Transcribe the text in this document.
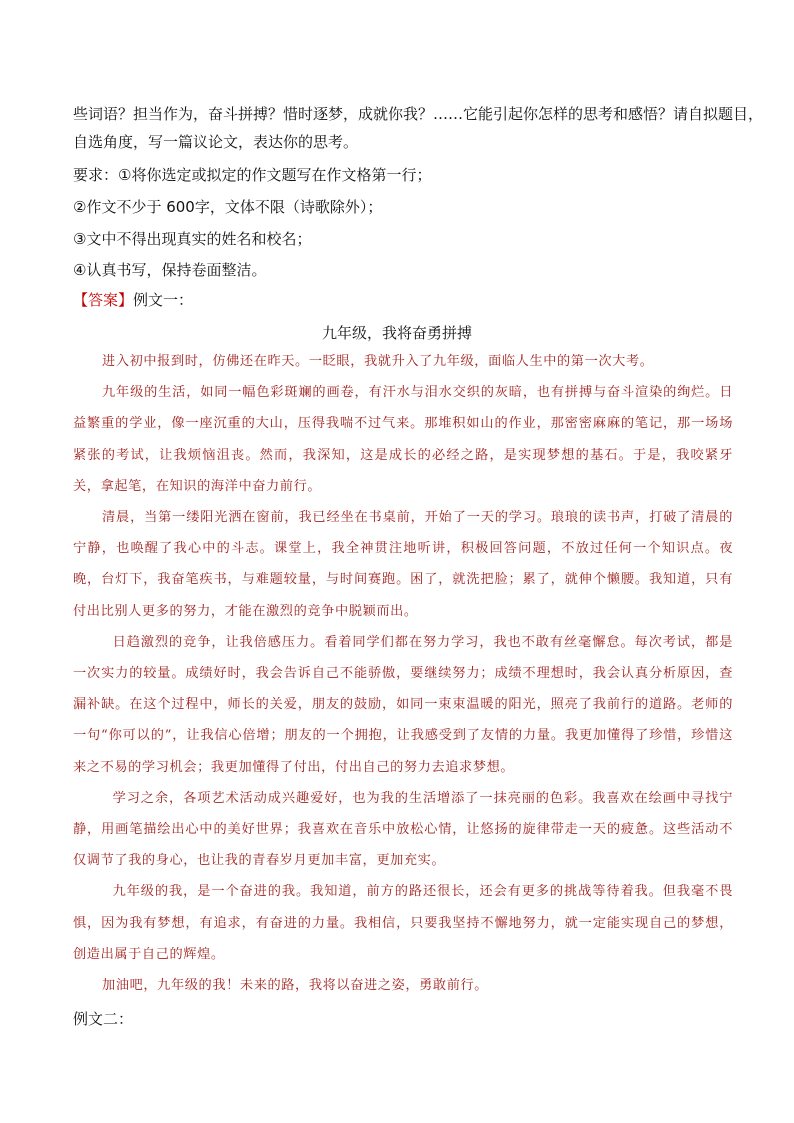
些词语？担当作为，奋斗拼搏？惜时逐梦，成就你我？……它能引起你怎样的思考和感悟？请自拟题目，
自选角度，写一篇议论文，表达你的思考。
要求：①将你选定或拟定的作文题写在作文格第一行；
②作文不少于 600字，文体不限（诗歌除外）；
③文中不得出现真实的姓名和校名；
④认真书写，保持卷面整洁。
【答案】例文一：
九年级，我将奋勇拼搏

进入初中报到时，仿佛还在昨天。一眨眼，我就升入了九年级，面临人生中的第一次大考。

九年级的生活，如同一幅色彩斑斓的画卷，有汗水与泪水交织的灰暗，也有拼搏与奋斗渲染的绚烂。日益繁重的学业，像一座沉重的大山，压得我喘不过气来。那堆积如山的作业，那密密麻麻的笔记，那一场场紧张的考试，让我烦恼沮丧。然而，我深知，这是成长的必经之路，是实现梦想的基石。于是，我咬紧牙关，拿起笔，在知识的海洋中奋力前行。

清晨，当第一缕阳光洒在窗前，我已经坐在书桌前，开始了一天的学习。琅琅的读书声，打破了清晨的宁静，也唤醒了我心中的斗志。课堂上，我全神贯注地听讲，积极回答问题，不放过任何一个知识点。夜晚，台灯下，我奋笔疾书，与难题较量，与时间赛跑。困了，就洗把脸；累了，就伸个懒腰。我知道，只有付出比别人更多的努力，才能在激烈的竞争中脱颖而出。

日趋激烈的竞争，让我倍感压力。看着同学们都在努力学习，我也不敢有丝毫懈怠。每次考试，都是一次实力的较量。成绩好时，我会告诉自己不能骄傲，要继续努力；成绩不理想时，我会认真分析原因，查漏补缺。在这个过程中，师长的关爱，朋友的鼓励，如同一束束温暖的阳光，照亮了我前行的道路。老师的一句“你可以的”，让我信心倍增；朋友的一个拥抱，让我感受到了友情的力量。我更加懂得了珍惜，珍惜这来之不易的学习机会；我更加懂得了付出，付出自己的努力去追求梦想。

学习之余，各项艺术活动成兴趣爱好，也为我的生活增添了一抹亮丽的色彩。我喜欢在绘画中寻找宁静，用画笔描绘出心中的美好世界；我喜欢在音乐中放松心情，让悠扬的旋律带走一天的疲惫。这些活动不仅调节了我的身心，也让我的青春岁月更加丰富，更加充实。

九年级的我，是一个奋进的我。我知道，前方的路还很长，还会有更多的挑战等待着我。但我毫不畏惧，因为我有梦想，有追求，有奋进的力量。我相信，只要我坚持不懈地努力，就一定能实现自己的梦想，创造出属于自己的辉煌。

加油吧，九年级的我！未来的路，我将以奋进之姿，勇敢前行。

例文二：
